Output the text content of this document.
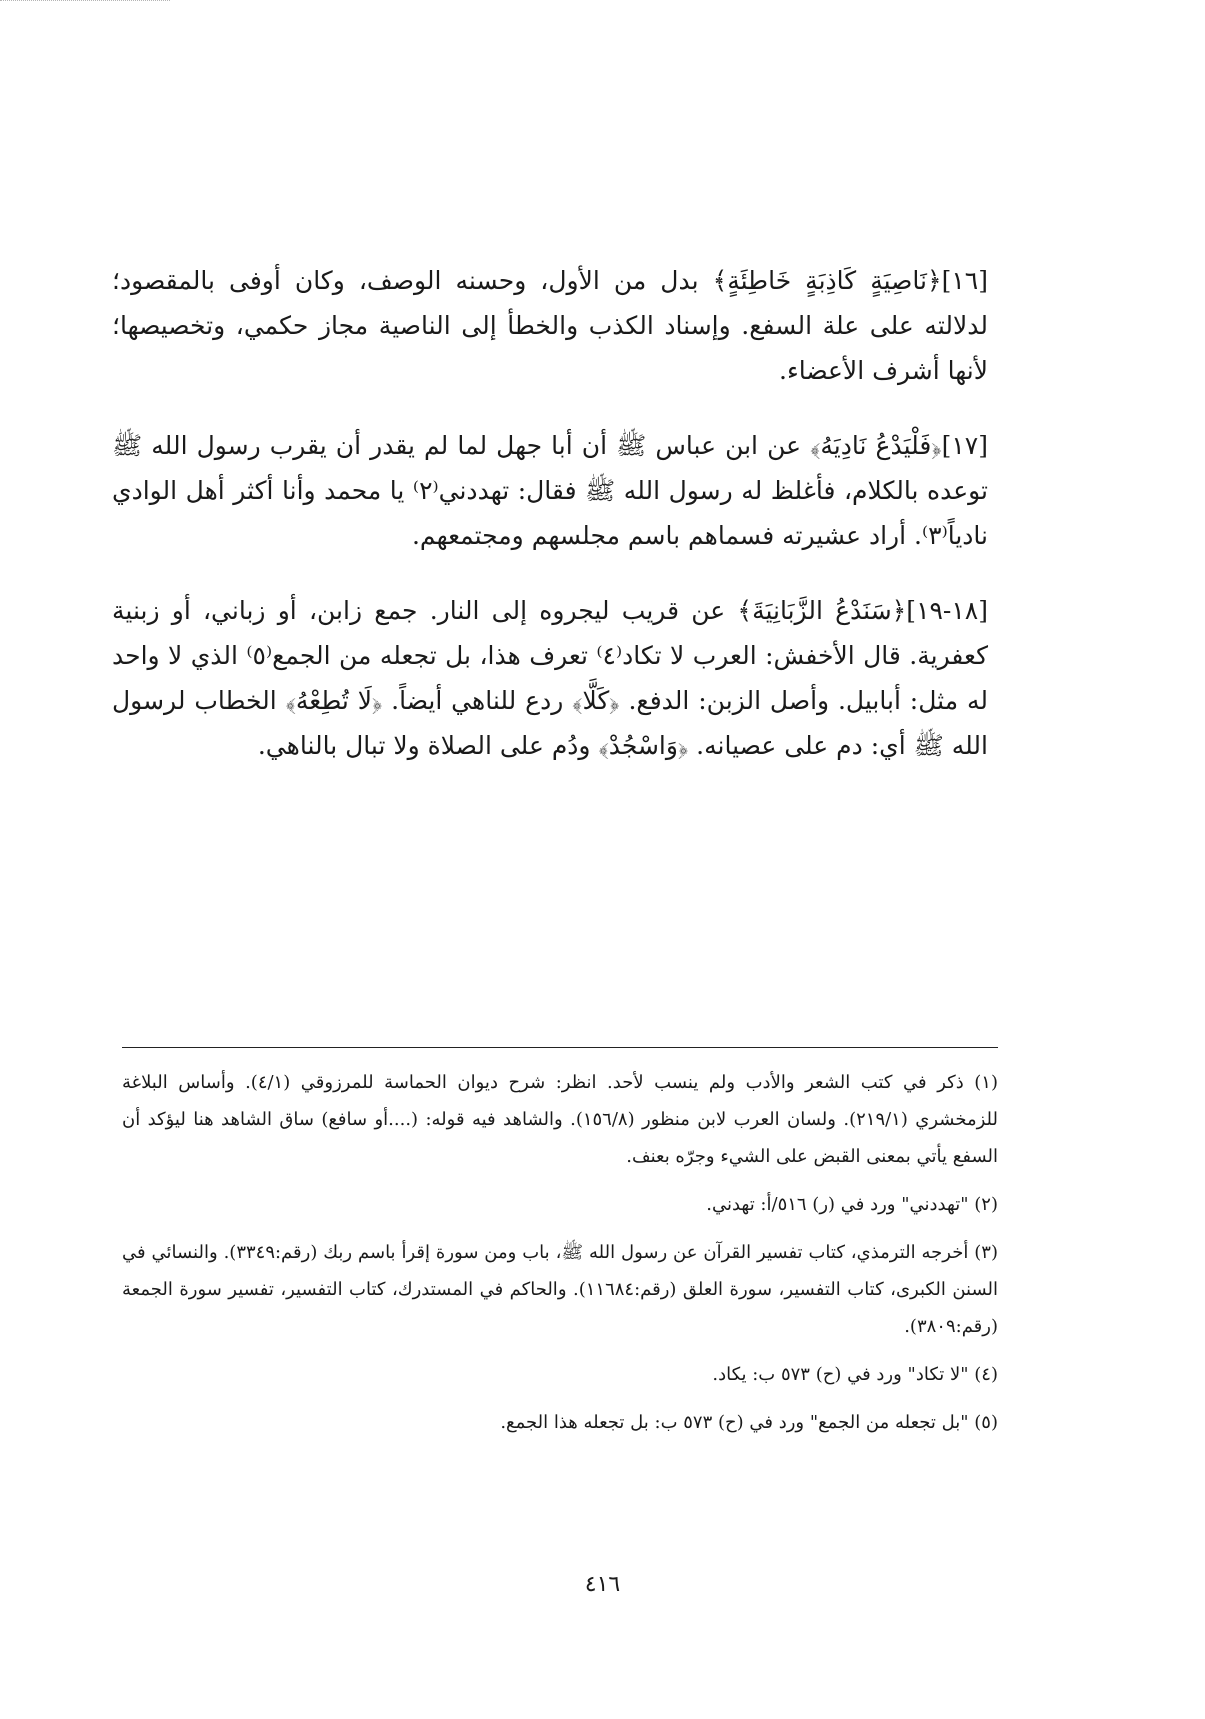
[١٦]﴿نَاصِيَةٍ كَاذِبَةٍ خَاطِئَةٍ﴾ بدل من الأول، وحسنه الوصف، وكان أوفى بالمقصود؛ لدلالته على علة السفع. وإسناد الكذب والخطأ إلى الناصية مجاز حكمي، وتخصيصها؛ لأنها أشرف الأعضاء.

[١٧]﴿فَلْيَدْعُ نَادِيَهُ﴾ عن ابن عباس ﷺ أن أبا جهل لما لم يقدر أن يقرب رسول الله ﷺ توعده بالكلام، فأغلظ له رسول الله ﷺ فقال: تهددني⁽٢⁾ يا محمد وأنا أكثر أهل الوادي نادياً⁽٣⁾. أراد عشيرته فسماهم باسم مجلسهم ومجتمعهم.

[١٨-١٩]﴿سَنَدْعُ الزَّبَانِيَةَ﴾ عن قريب ليجروه إلى النار. جمع زابن، أو زباني، أو زبنية كعفرية. قال الأخفش: العرب لا تكاد⁽٤⁾ تعرف هذا، بل تجعله من الجمع⁽٥⁾ الذي لا واحد له مثل: أبابيل. وأصل الزبن: الدفع. ﴿كَلَّا﴾ ردع للناهي أيضاً. ﴿لَا تُطِعْهُ﴾ الخطاب لرسول الله ﷺ أي: دم على عصيانه. ﴿وَاسْجُدْ﴾ ودُم على الصلاة ولا تبال بالناهي.

(١) ذكر في كتب الشعر والأدب ولم ينسب لأحد. انظر: شرح ديوان الحماسة للمرزوقي (٤/١). وأساس البلاغة للزمخشري (٢١٩/١). ولسان العرب لابن منظور (١٥٦/٨). والشاهد فيه قوله: (....أو سافع) ساق الشاهد هنا ليؤكد أن السفع يأتي بمعنى القبض على الشيء وجرّه بعنف.

(٢) "تهددني" ورد في (ر) ٥١٦/أ: تهدني.

(٣) أخرجه الترمذي، كتاب تفسير القرآن عن رسول الله ﷺ، باب ومن سورة إقرأ باسم ربك (رقم:٣٣٤٩). والنسائي في السنن الكبرى، كتاب التفسير، سورة العلق (رقم:١١٦٨٤). والحاكم في المستدرك، كتاب التفسير، تفسير سورة الجمعة (رقم:٣٨٠٩).

(٤) "لا تكاد" ورد في (ح) ٥٧٣ ب: يكاد.

(٥) "بل تجعله من الجمع" ورد في (ح) ٥٧٣ ب: بل تجعله هذا الجمع.

٤١٦
